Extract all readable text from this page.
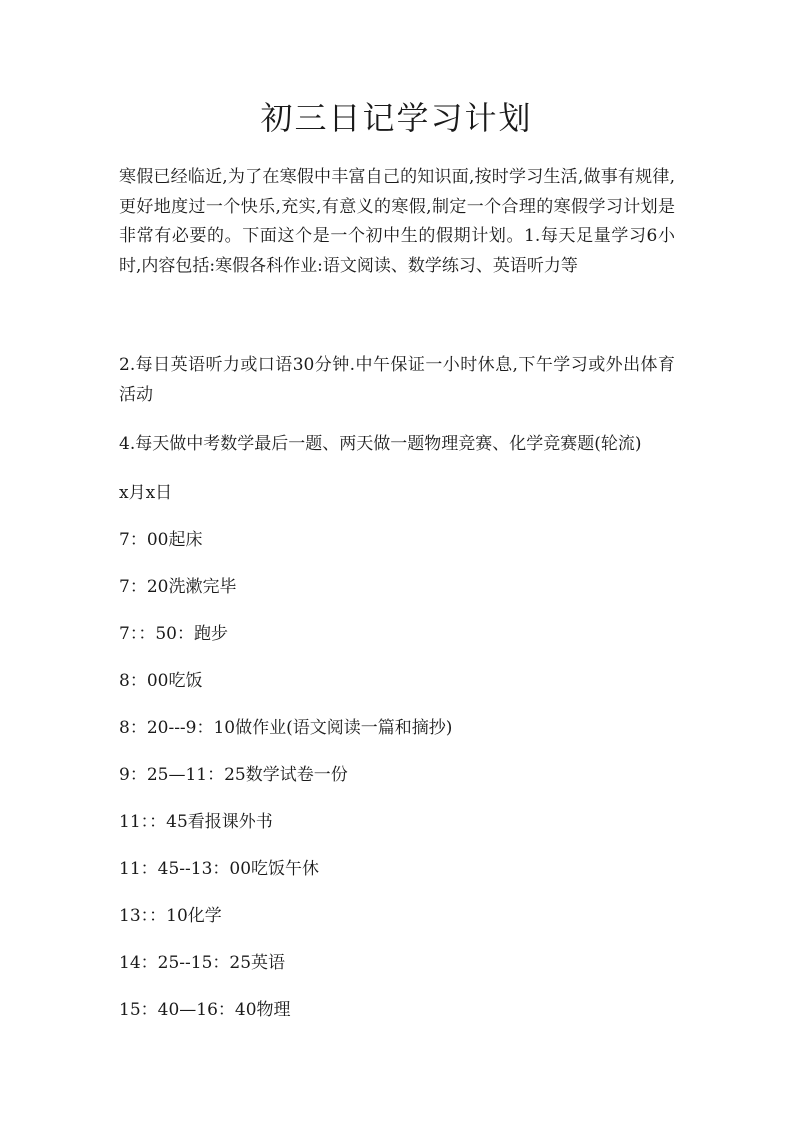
初三日记学习计划

寒假已经临近,为了在寒假中丰富自己的知识面,按时学习生活,做事有规律,更好地度过一个快乐,充实,有意义的寒假,制定一个合理的寒假学习计划是非常有必要的。下面这个是一个初中生的假期计划。1.每天足量学习6小时,内容包括:寒假各科作业:语文阅读、数学练习、英语听力等

2.每日英语听力或口语30分钟.中午保证一小时休息,下午学习或外出体育活动

4.每天做中考数学最后一题、两天做一题物理竞赛、化学竞赛题(轮流)

x月x日

7：00起床

7：20洗漱完毕

7：：50：跑步

8：00吃饭

8：20---9：10做作业(语文阅读一篇和摘抄)

9：25—11：25数学试卷一份

11：：45看报课外书

11：45--13：00吃饭午休

13：：10化学

14：25--15：25英语

15：40—16：40物理
